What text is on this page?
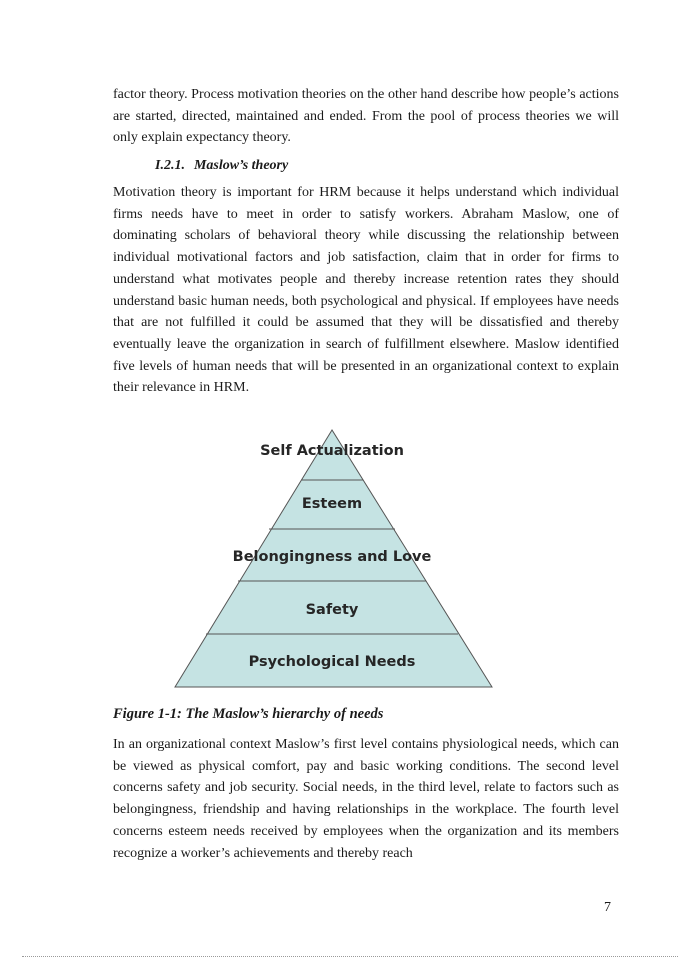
factor theory. Process motivation theories on the other hand describe how people’s actions are started, directed, maintained and ended. From the pool of process theories we will only explain expectancy theory.

I.2.1. Maslow’s theory

Motivation theory is important for HRM because it helps understand which individual firms needs have to meet in order to satisfy workers. Abraham Maslow, one of dominating scholars of behavioral theory while discussing the relationship between individual motivational factors and job satisfaction, claim that in order for firms to understand what motivates people and thereby increase retention rates they should understand basic human needs, both psychological and physical. If employees have needs that are not fulfilled it could be assumed that they will be dissatisfied and thereby eventually leave the organization in search of fulfillment elsewhere. Maslow identified five levels of human needs that will be presented in an organizational context to explain their relevance in HRM.

Self Actualization
Esteem
Belongingness and Love
Safety
Psychological Needs

Figure 1-1: The Maslow’s hierarchy of needs

In an organizational context Maslow’s first level contains physiological needs, which can be viewed as physical comfort, pay and basic working conditions. The second level concerns safety and job security. Social needs, in the third level, relate to factors such as belongingness, friendship and having relationships in the workplace. The fourth level concerns esteem needs received by employees when the organization and its members recognize a worker’s achievements and thereby reach

7
